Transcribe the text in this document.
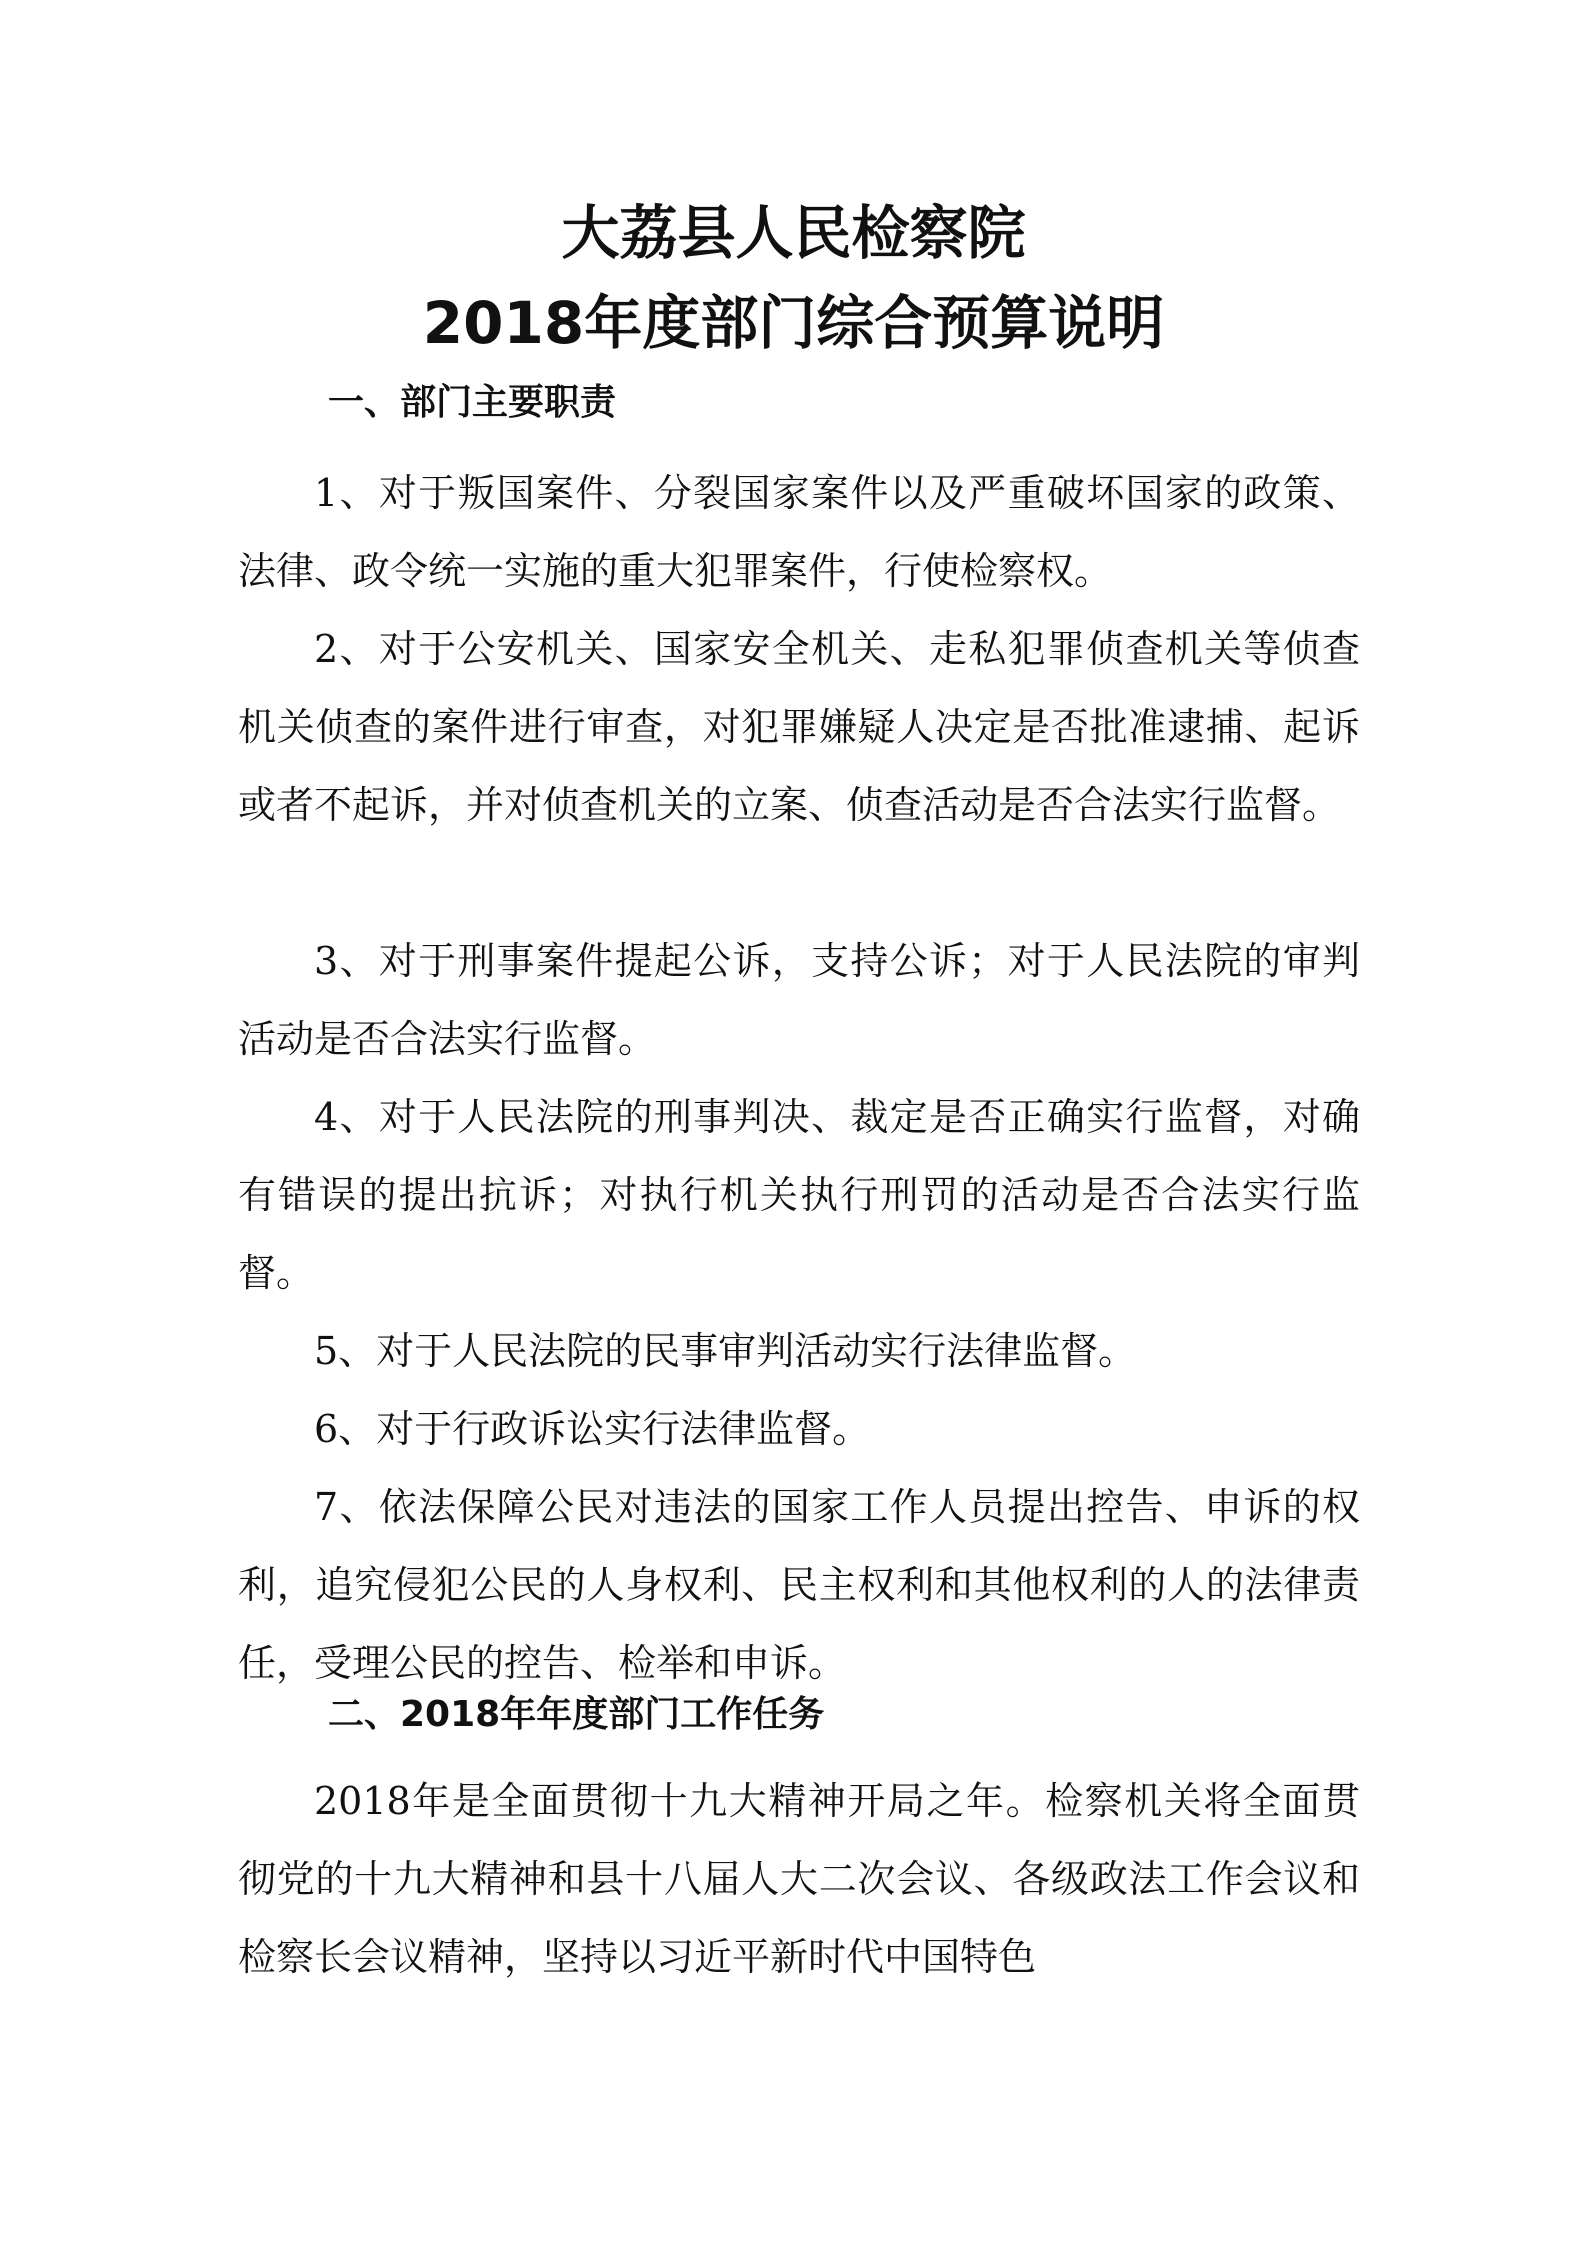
大荔县人民检察院
2018年度部门综合预算说明
一、部门主要职责

1、对于叛国案件、分裂国家案件以及严重破坏国家的政策、法律、政令统一实施的重大犯罪案件，行使检察权。

2、对于公安机关、国家安全机关、走私犯罪侦查机关等侦查机关侦查的案件进行审查，对犯罪嫌疑人决定是否批准逮捕、起诉或者不起诉，并对侦查机关的立案、侦查活动是否合法实行监督。

3、对于刑事案件提起公诉，支持公诉；对于人民法院的审判活动是否合法实行监督。

4、对于人民法院的刑事判决、裁定是否正确实行监督，对确有错误的提出抗诉；对执行机关执行刑罚的活动是否合法实行监督。

5、对于人民法院的民事审判活动实行法律监督。

6、对于行政诉讼实行法律监督。

7、依法保障公民对违法的国家工作人员提出控告、申诉的权利，追究侵犯公民的人身权利、民主权利和其他权利的人的法律责任，受理公民的控告、检举和申诉。

二、2018年年度部门工作任务

2018年是全面贯彻十九大精神开局之年。检察机关将全面贯彻党的十九大精神和县十八届人大二次会议、各级政法工作会议和检察长会议精神，坚持以习近平新时代中国特色
